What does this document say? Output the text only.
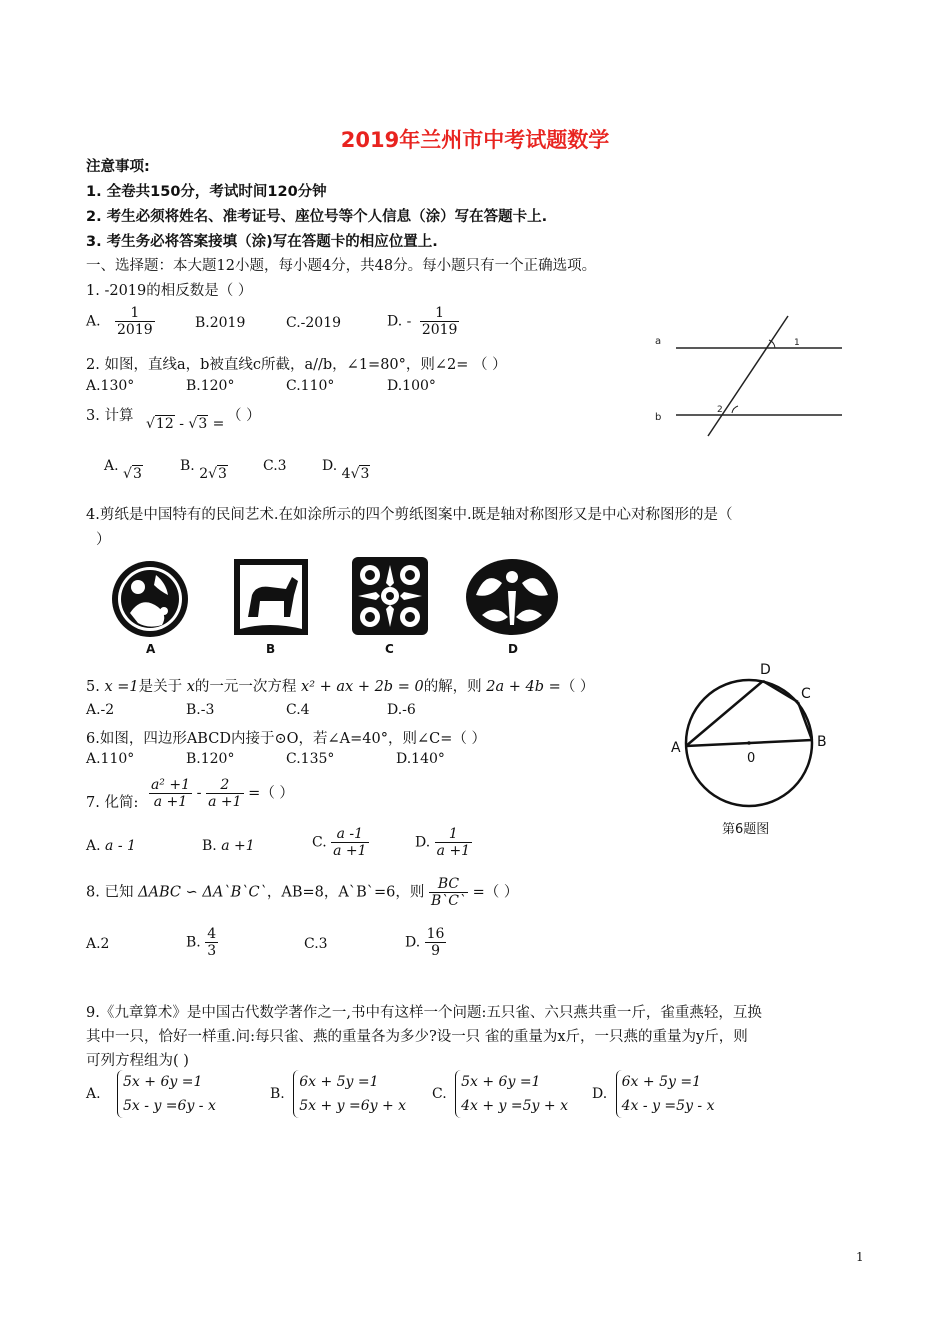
2019年兰州市中考试题数学
注意事项:
1. 全卷共150分，考试时间120分钟
2. 考生必须将姓名、准考证号、座位号等个人信息（涂）写在答题卡上.
3. 考生务必将答案接填（涂)写在答题卡的相应位置上.
一、选择题：本大题12小题，每小题4分，共48分。每小题只有一个正确选项。
1. -2019的相反数是（ ）
A. $\frac{1}{2019}$	B.2019	C.-2019	D. - $\frac{1}{2019}$
2. 如图，直线a，b被直线c所截，a//b，∠1=80°，则∠2= （ ）
A.130°	B.120°	C.110°	D.100°
a
b
1
2
3. 计算 √12 - √3 = （ ）
A. √3	B. 2√3	C.3	D. 4√3
4.剪纸是中国特有的民间艺术.在如涂所示的四个剪纸图案中.既是轴对称图形又是中心对称图形的是（
）
A	B	C	D
5. x =1是关于 x的一元一次方程 x² + ax + 2b = 0的解，则 2a + 4b =（ ）
A.-2	B.-3	C.4	D.-6
6.如图，四边形ABCD内接于⊙O，若∠A=40°，则∠C=（ ）
A.110°	B.120°	C.135°	D.140°
A	B
C
D
0
第6题图
7. 化简: $\frac{\text{a² +1}}{a +1} - \frac{2}{a +1}$ =（ ）
A. a - 1	B. a +1	C. $\frac{a -1}{a +1}$	D. $\frac{1}{a +1}$
8. 已知 ΔABC ∽ ΔA`B`C`，AB=8，A`B`=6，则 $\frac{BC}{B`C`}$ =（ ）
A.2	B. $\frac{4}{3}$	C.3	D. $\frac{16}{9}$
9.《九章算术》是中国古代数学著作之一,书中有这样一个问题:五只雀、六只燕共重一斤，雀重燕轻，互换
其中一只，恰好一样重.问:每只雀、燕的重量各为多少?设一只 雀的重量为x斤，一只燕的重量为y斤，则
可列方程组为( )
A. 5x + 6y =1
5x - y =6y - x
B. 6x + 5y =1
5x + y =6y + x
C. 5x + 6y =1
4x + y =5y + x
D. 6x + 5y =1
4x - y =5y - x
1
